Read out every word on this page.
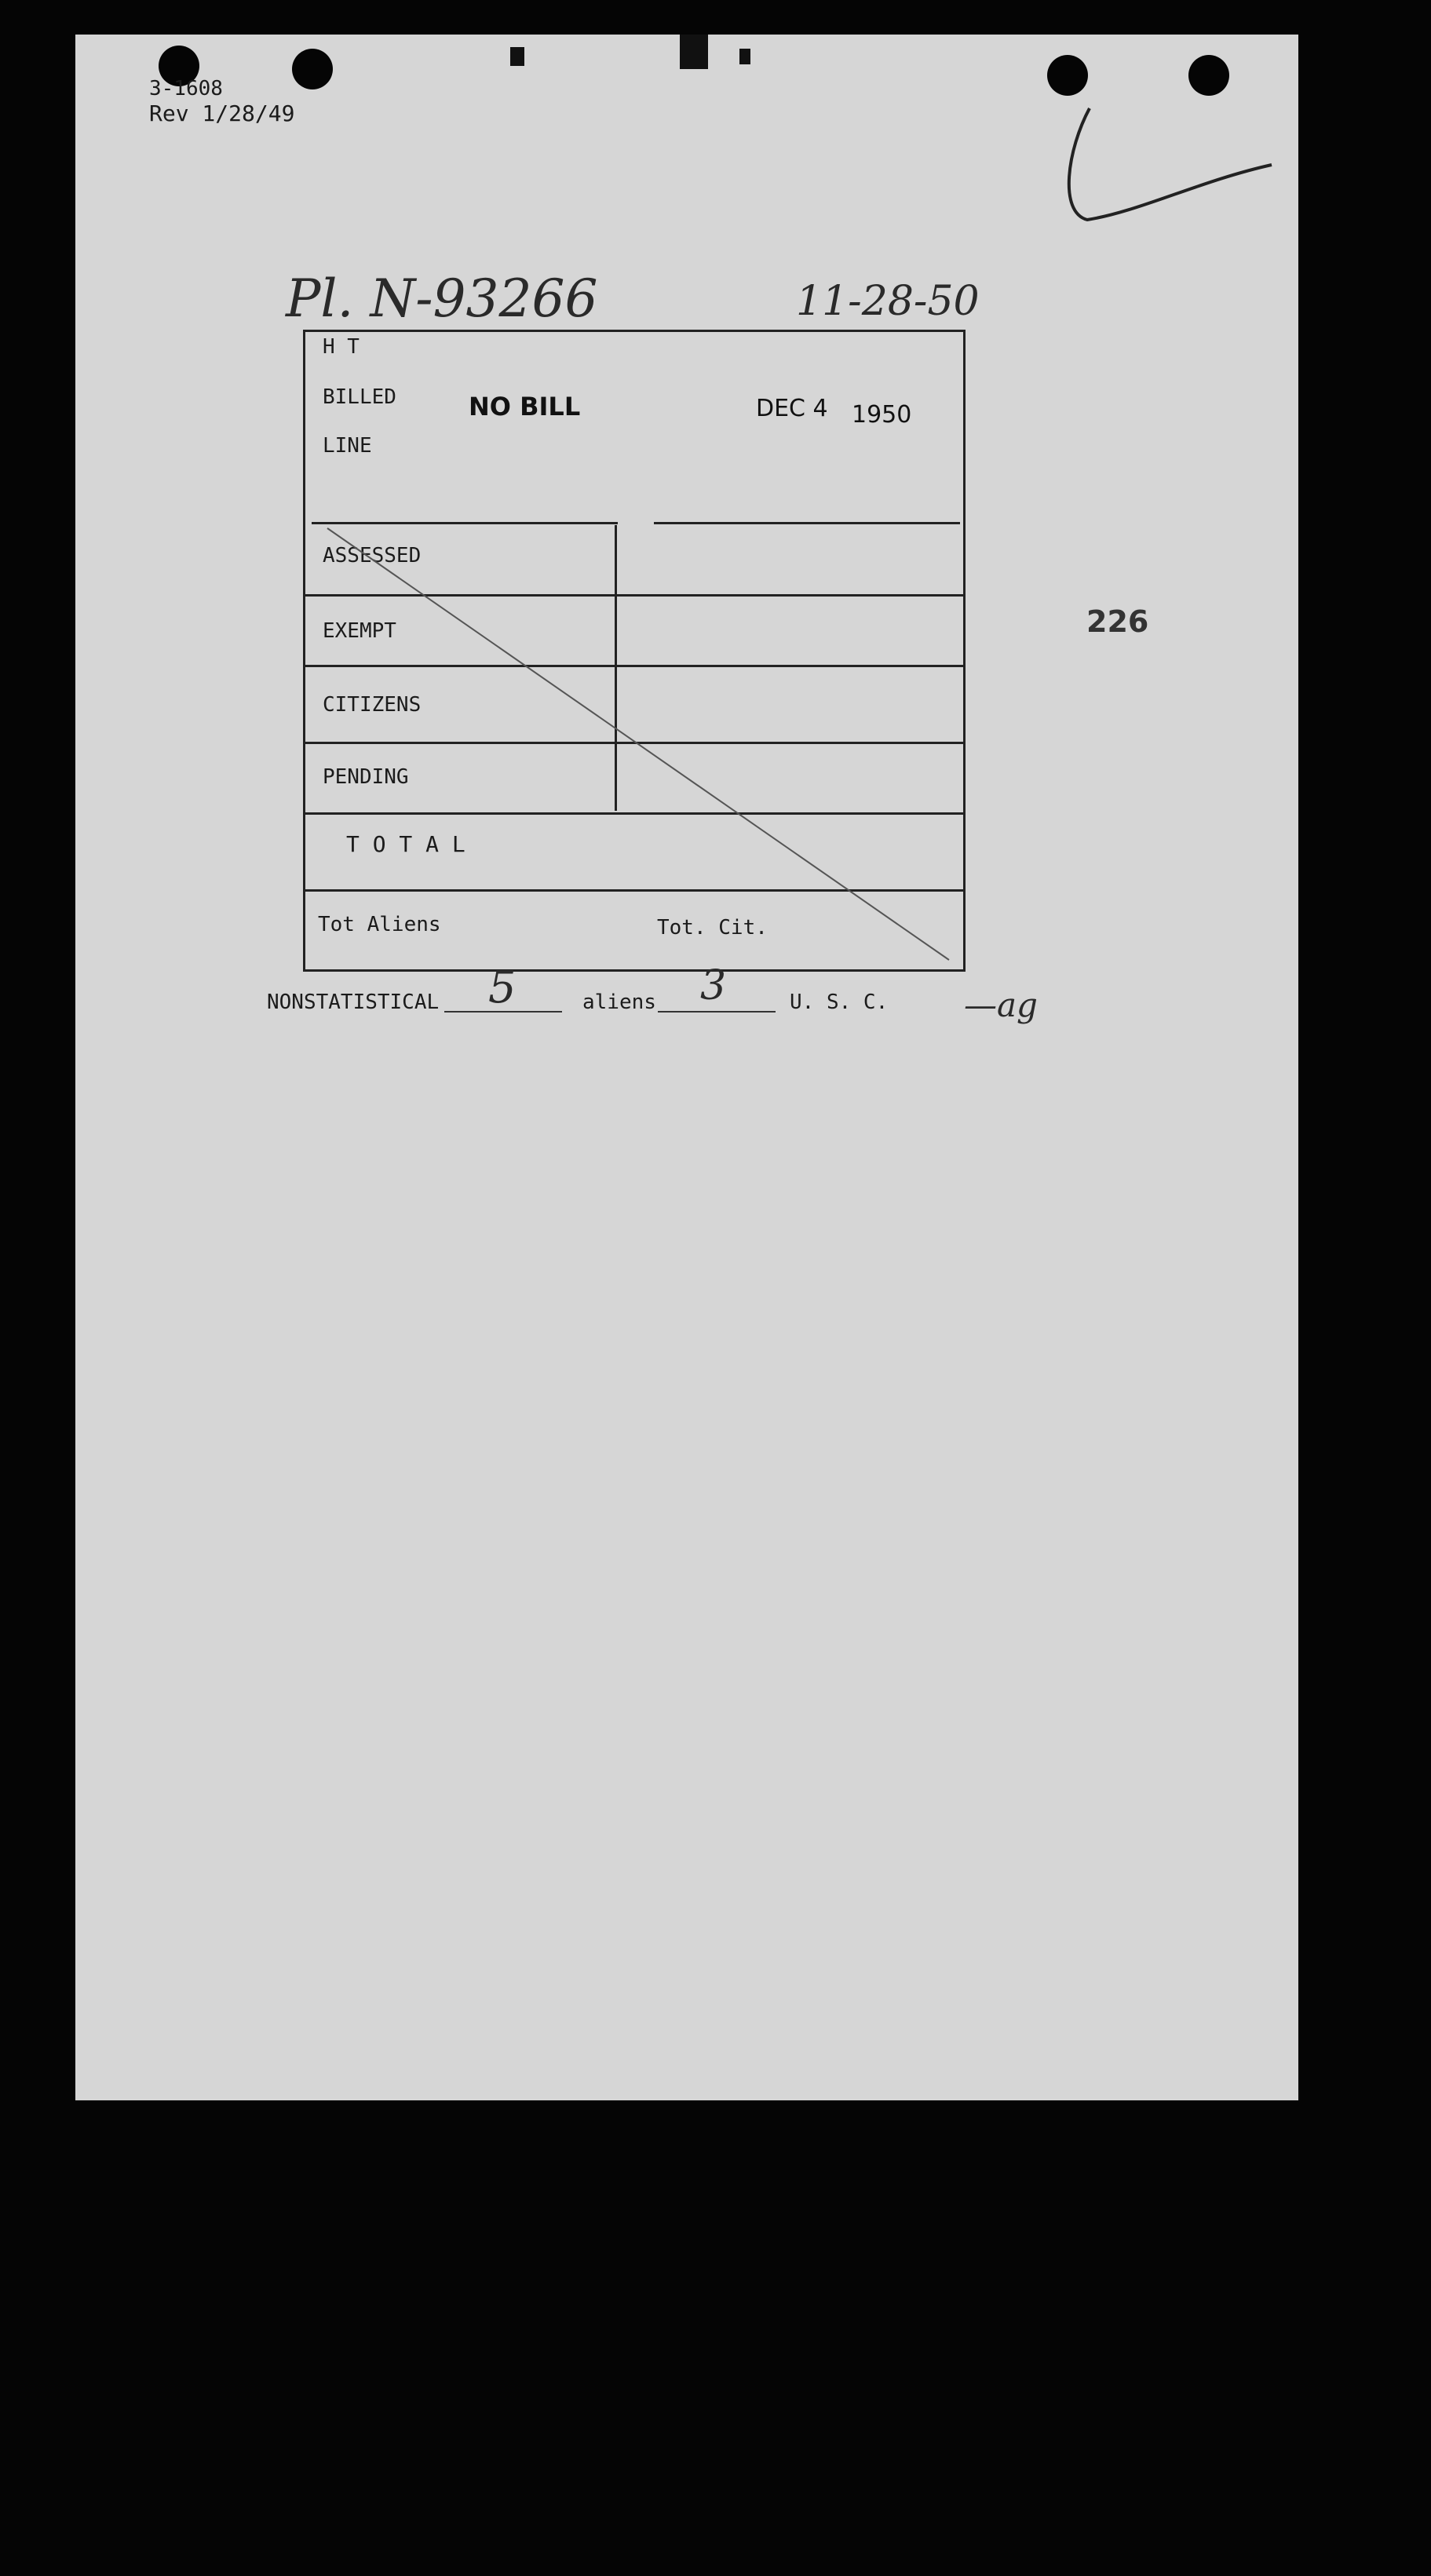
3-1608
Rev 1/28/49
Pl. N-93266	11-28-50
226
H T
BILLED
LINE
NO BILL	DEC 4 1950
ASSESSED
EXEMPT
CITIZENS
PENDING
T O T A L
Tot Aliens	Tot. Cit.
NONSTATISTICAL 5	aliens 3	U. S. C. —ag
